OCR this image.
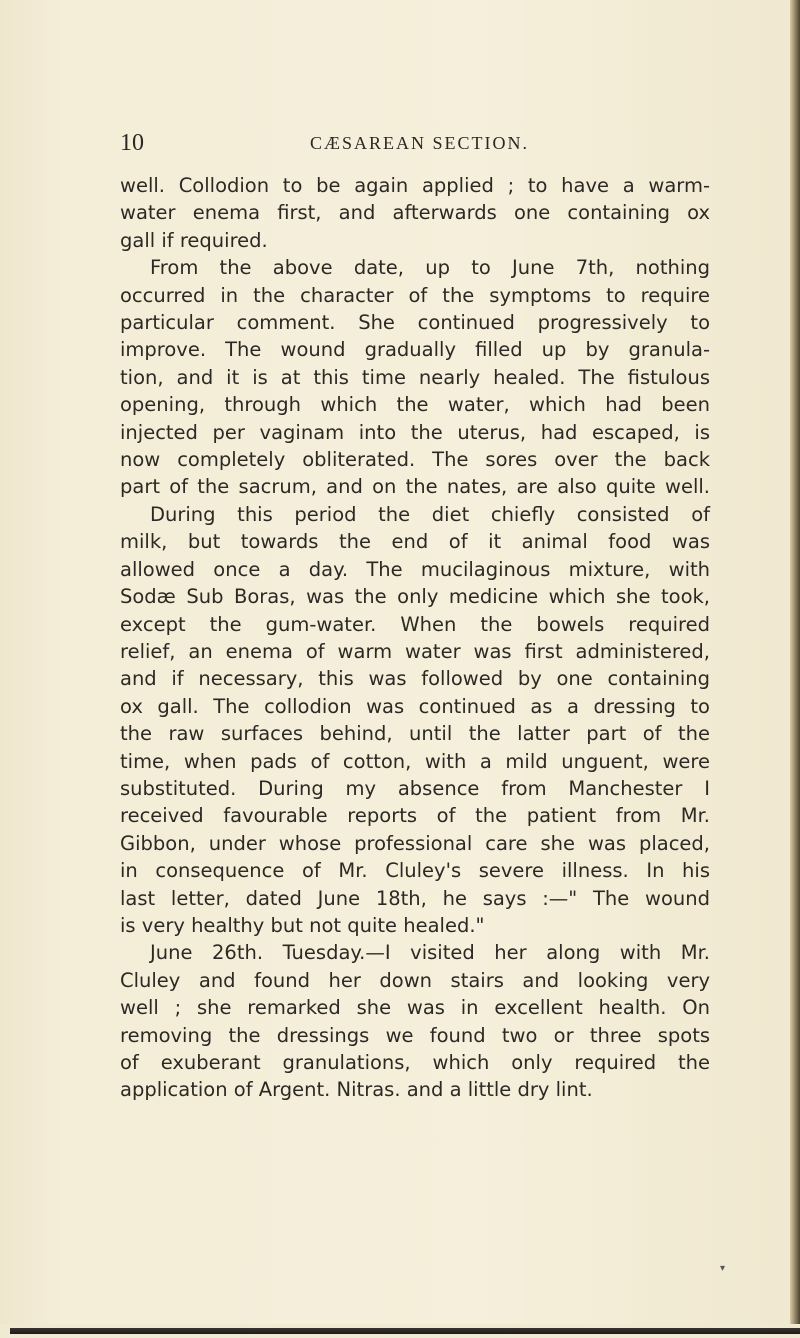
10	CÆSAREAN SECTION.
well. Collodion to be again applied ; to have a warm-
water enema first, and afterwards one containing ox
gall if required.
From the above date, up to June 7th, nothing
occurred in the character of the symptoms to require
particular comment. She continued progressively to
improve. The wound gradually filled up by granula-
tion, and it is at this time nearly healed. The fistulous
opening, through which the water, which had been
injected per vaginam into the uterus, had escaped, is
now completely obliterated. The sores over the back
part of the sacrum, and on the nates, are also quite well.
During this period the diet chiefly consisted of
milk, but towards the end of it animal food was
allowed once a day. The mucilaginous mixture, with
Sodæ Sub Boras, was the only medicine which she took,
except the gum-water. When the bowels required
relief, an enema of warm water was first administered,
and if necessary, this was followed by one containing
ox gall. The collodion was continued as a dressing to
the raw surfaces behind, until the latter part of the
time, when pads of cotton, with a mild unguent, were
substituted. During my absence from Manchester I
received favourable reports of the patient from Mr.
Gibbon, under whose professional care she was placed,
in consequence of Mr. Cluley's severe illness. In his
last letter, dated June 18th, he says :—" The wound
is very healthy but not quite healed."
June 26th. Tuesday.—I visited her along with Mr.
Cluley and found her down stairs and looking very
well ; she remarked she was in excellent health. On
removing the dressings we found two or three spots
of exuberant granulations, which only required the
application of Argent. Nitras. and a little dry lint.
▾
